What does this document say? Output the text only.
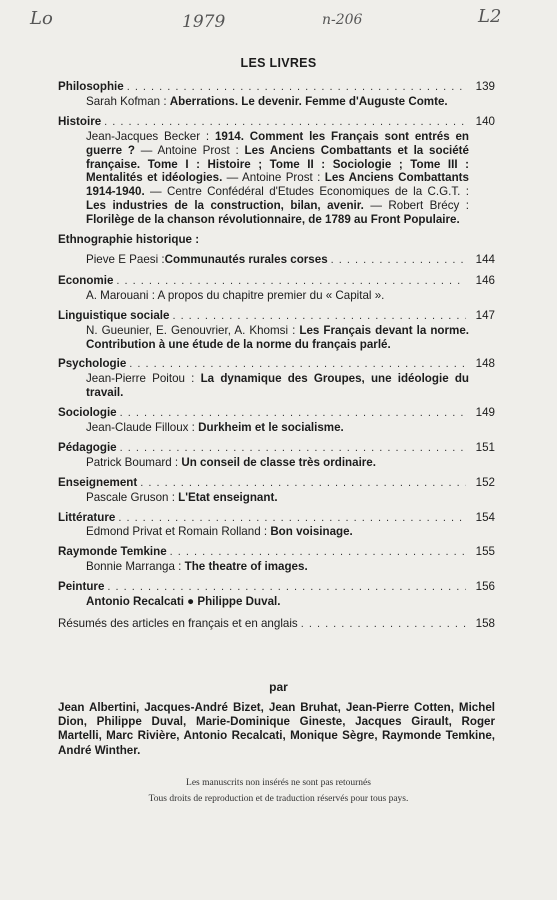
Lo	1979	n-206	L2
LES LIVRES
Philosophie . . .	139
Sarah Kofman : Aberrations. Le devenir. Femme d'Auguste Comte.
Histoire . . .	140
Jean-Jacques Becker : 1914. Comment les Français sont entrés en guerre ? — Antoine Prost : Les Anciens Combattants et la société française. Tome I : Histoire ; Tome II : Sociologie ; Tome III : Mentalités et idéologies. — Antoine Prost : Les Anciens Combattants 1914-1940. — Centre Confédéral d'Etudes Economiques de la C.G.T. : Les industries de la construction, bilan, avenir. — Robert Brécy : Florilège de la chanson révolutionnaire, de 1789 au Front Populaire.
Ethnographie historique :
Pieve E Paesi : Communautés rurales corses . . .	144
Economie . . .	146
A. Marouani : A propos du chapitre premier du « Capital ».
Linguistique sociale . . .	147
N. Gueunier, E. Genouvrier, A. Khomsi : Les Français devant la norme. Contribution à une étude de la norme du français parlé.
Psychologie . . .	148
Jean-Pierre Poitou : La dynamique des Groupes, une idéologie du travail.
Sociologie . . .	149
Jean-Claude Filloux : Durkheim et le socialisme.
Pédagogie . . .	151
Patrick Boumard : Un conseil de classe très ordinaire.
Enseignement . . .	152
Pascale Gruson : L'Etat enseignant.
Littérature . . .	154
Edmond Privat et Romain Rolland : Bon voisinage.
Raymonde Temkine . . .	155
Bonnie Marranga : The theatre of images.
Peinture . . .	156
Antonio Recalcati ● Philippe Duval.
Résumés des articles en français et en anglais . . .	158
par
Jean Albertini, Jacques-André Bizet, Jean Bruhat, Jean-Pierre Cotten, Michel Dion, Philippe Duval, Marie-Dominique Gineste, Jacques Girault, Roger Martelli, Marc Rivière, Antonio Recalcati, Monique Sègre, Raymonde Temkine, André Winther.
Les manuscrits non insérés ne sont pas retournés
Tous droits de reproduction et de traduction réservés pour tous pays.
